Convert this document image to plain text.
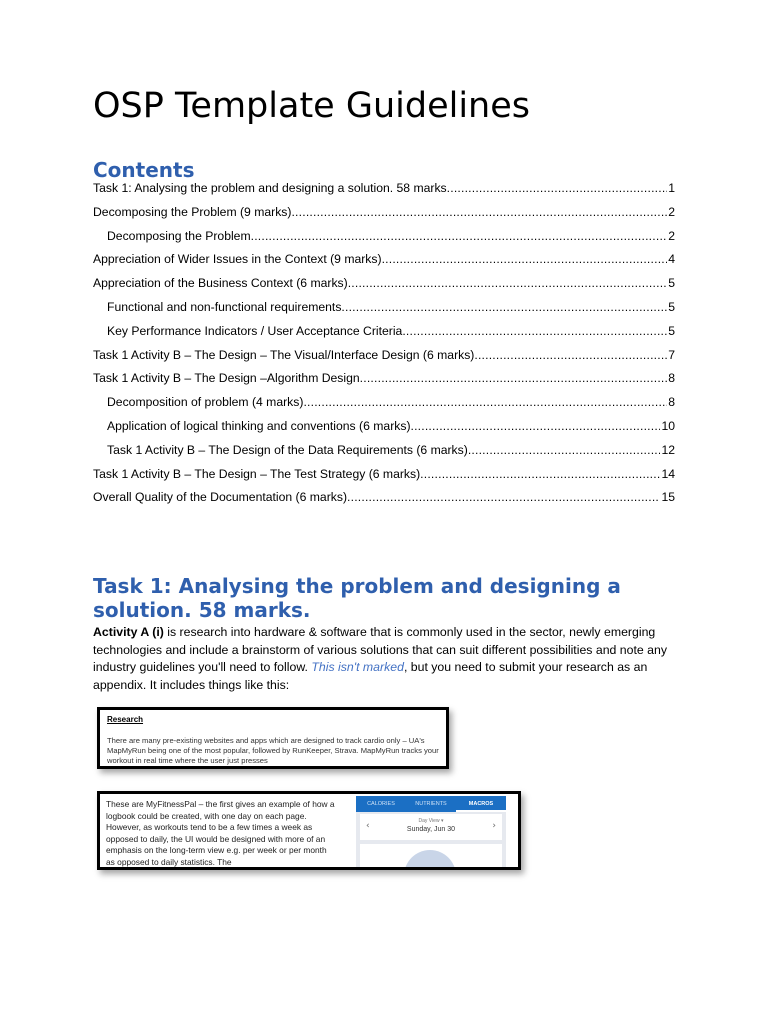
OSP Template Guidelines
Contents
Task 1: Analysing the problem and designing a solution. 58 marks .....	1
Decomposing the Problem (9 marks) .....	2
Decomposing the Problem .....	2
Appreciation of Wider Issues in the Context (9 marks) .....	4
Appreciation of the Business Context (6 marks) .....	5
Functional and non-functional requirements .....	5
Key Performance Indicators / User Acceptance Criteria .....	5
Task 1 Activity B – The Design – The Visual/Interface Design (6 marks) .....	7
Task 1 Activity B – The Design –Algorithm Design .....	8
Decomposition of problem (4 marks) .....	8
Application of logical thinking and conventions (6 marks) .....	10
Task 1 Activity B – The Design of the Data Requirements (6 marks) .....	12
Task 1 Activity B – The Design – The Test Strategy (6 marks) .....	14
Overall Quality of the Documentation (6 marks) .....	15
Task 1: Analysing the problem and designing a solution. 58 marks.

Activity A (i) is research into hardware & software that is commonly used in the sector, newly emerging technologies and include a brainstorm of various solutions that can suit different possibilities and note any industry guidelines you'll need to follow. This isn't marked, but you need to submit your research as an appendix. It includes things like this:

Research
There are many pre-existing websites and apps which are designed to track cardio only – UA's MapMyRun being one of the most popular, followed by RunKeeper, Strava. MapMyRun tracks your workout in real time where the user just presses
These are MyFitnessPal – the first gives an example of how a logbook could be created, with one day on each page. However, as workouts tend to be a few times a week as opposed to daily, the UI would be designed with more of an emphasis on the long-term view e.g. per week or per month as opposed to daily statistics. The
CALORIES	NUTRIENTS	MACROS
‹	Day View ▾
Sunday, Jun 30	›
